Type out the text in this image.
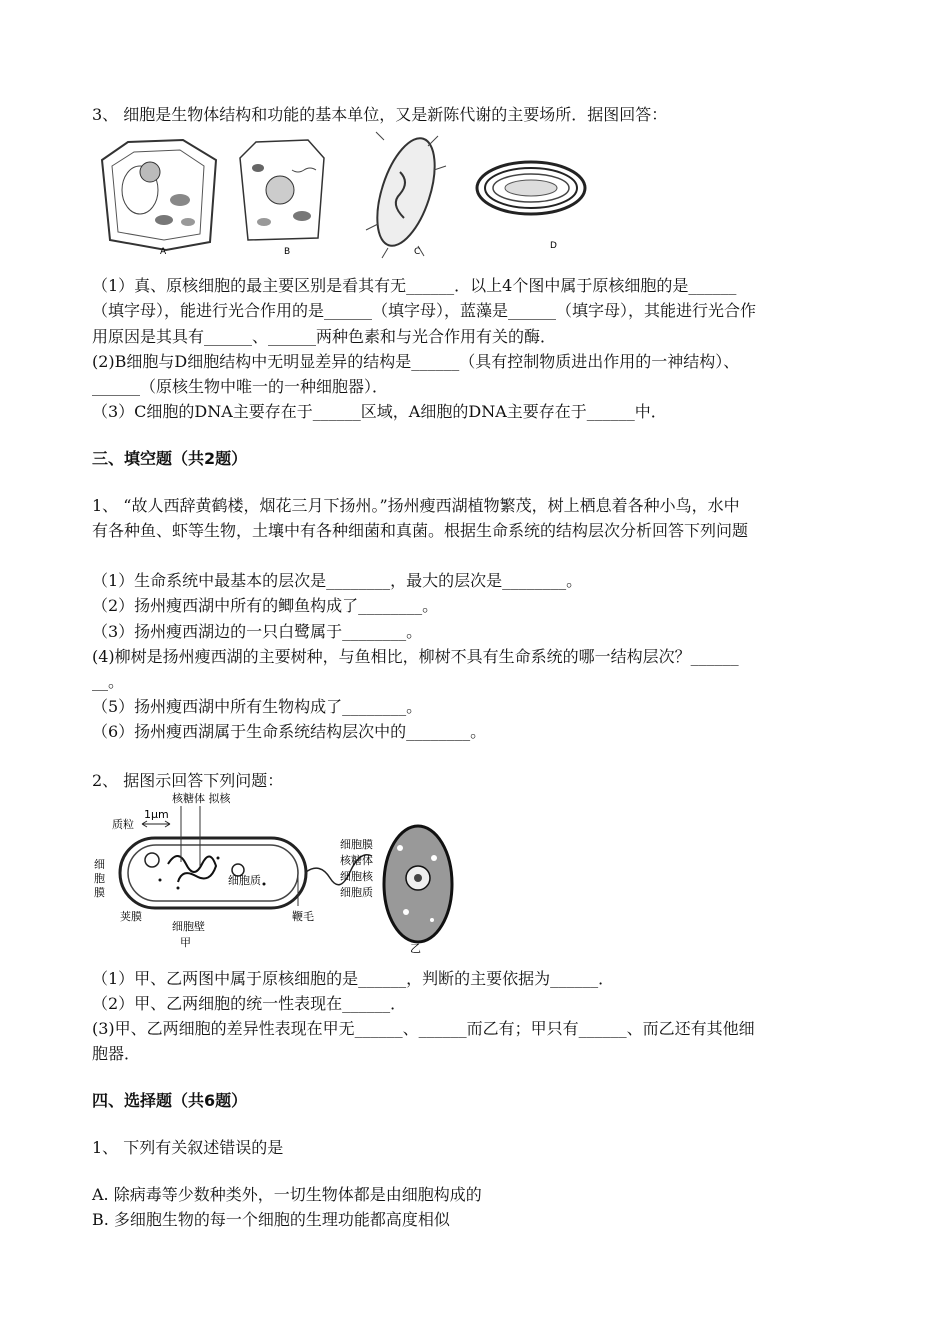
3、 细胞是生物体结构和功能的基本单位，又是新陈代谢的主要场所．据图回答：
A	B	C
D
（1）真、原核细胞的最主要区别是看其有无______．以上4个图中属于原核细胞的是______
（填字母），能进行光合作用的是______（填字母），蓝藻是______（填字母），其能进行光合作
用原因是其具有______、______两种色素和与光合作用有关的酶．
(2)B细胞与D细胞结构中无明显差异的结构是______（具有控制物质进出作用的一神结构）、
______（原核生物中唯一的一种细胞器）．
（3）C细胞的DNA主要存在于______区域，A细胞的DNA主要存在于______中．
三、填空题（共2题）
1、 “故人西辞黄鹤楼，烟花三月下扬州。”扬州瘦西湖植物繁茂，树上栖息着各种小鸟，水中
有各种鱼、虾等生物，土壤中有各种细菌和真菌。根据生命系统的结构层次分析回答下列问题
（1）生命系统中最基本的层次是________，最大的层次是________。
（2）扬州瘦西湖中所有的鲫鱼构成了________。
（3）扬州瘦西湖边的一只白鹭属于________。
(4)柳树是扬州瘦西湖的主要树种，与鱼相比，柳树不具有生命系统的哪一结构层次？______
__。
（5）扬州瘦西湖中所有生物构成了________。
（6）扬州瘦西湖属于生命系统结构层次中的________。
2、 据图示回答下列问题：
核糖体 拟核
质粒
1μm
细胞质
细
胞
膜
荚膜
细胞壁
甲
鞭毛
细胞膜
核糖体
细胞核
细胞质
乙
（1）甲、乙两图中属于原核细胞的是______，判断的主要依据为______．
（2）甲、乙两细胞的统一性表现在______．
(3)甲、乙两细胞的差异性表现在甲无______、______而乙有；甲只有______、而乙还有其他细
胞器．
四、选择题（共6题）
1、 下列有关叙述错误的是
A. 除病毒等少数种类外，一切生物体都是由细胞构成的
B. 多细胞生物的每一个细胞的生理功能都高度相似
